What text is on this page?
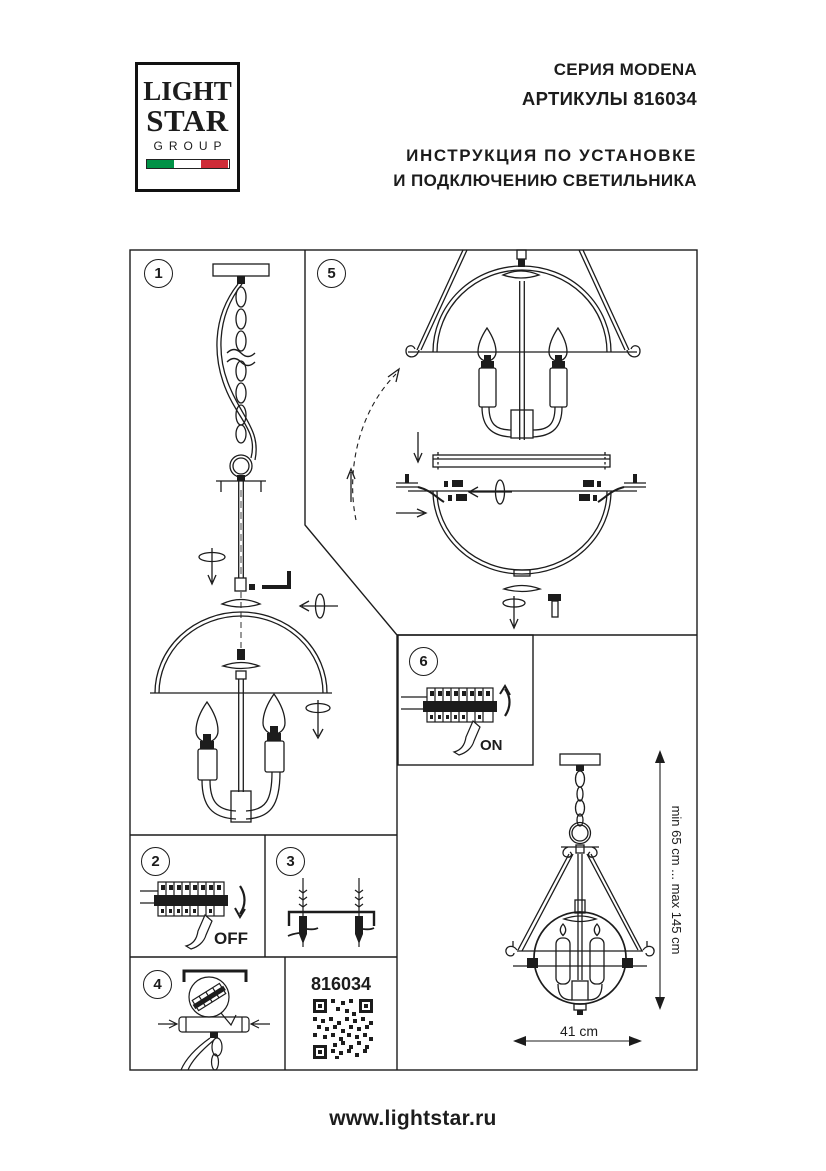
LIGHT
STAR
GROUP
СЕРИЯ MODENA
АРТИКУЛЫ 816034
ИНСТРУКЦИЯ ПО УСТАНОВКЕ
И ПОДКЛЮЧЕНИЮ СВЕТИЛЬНИКА
1	5
6
2	3
4
OFF
ON
816034
41 cm
min 65 cm ... max 145 cm
www.lightstar.ru
